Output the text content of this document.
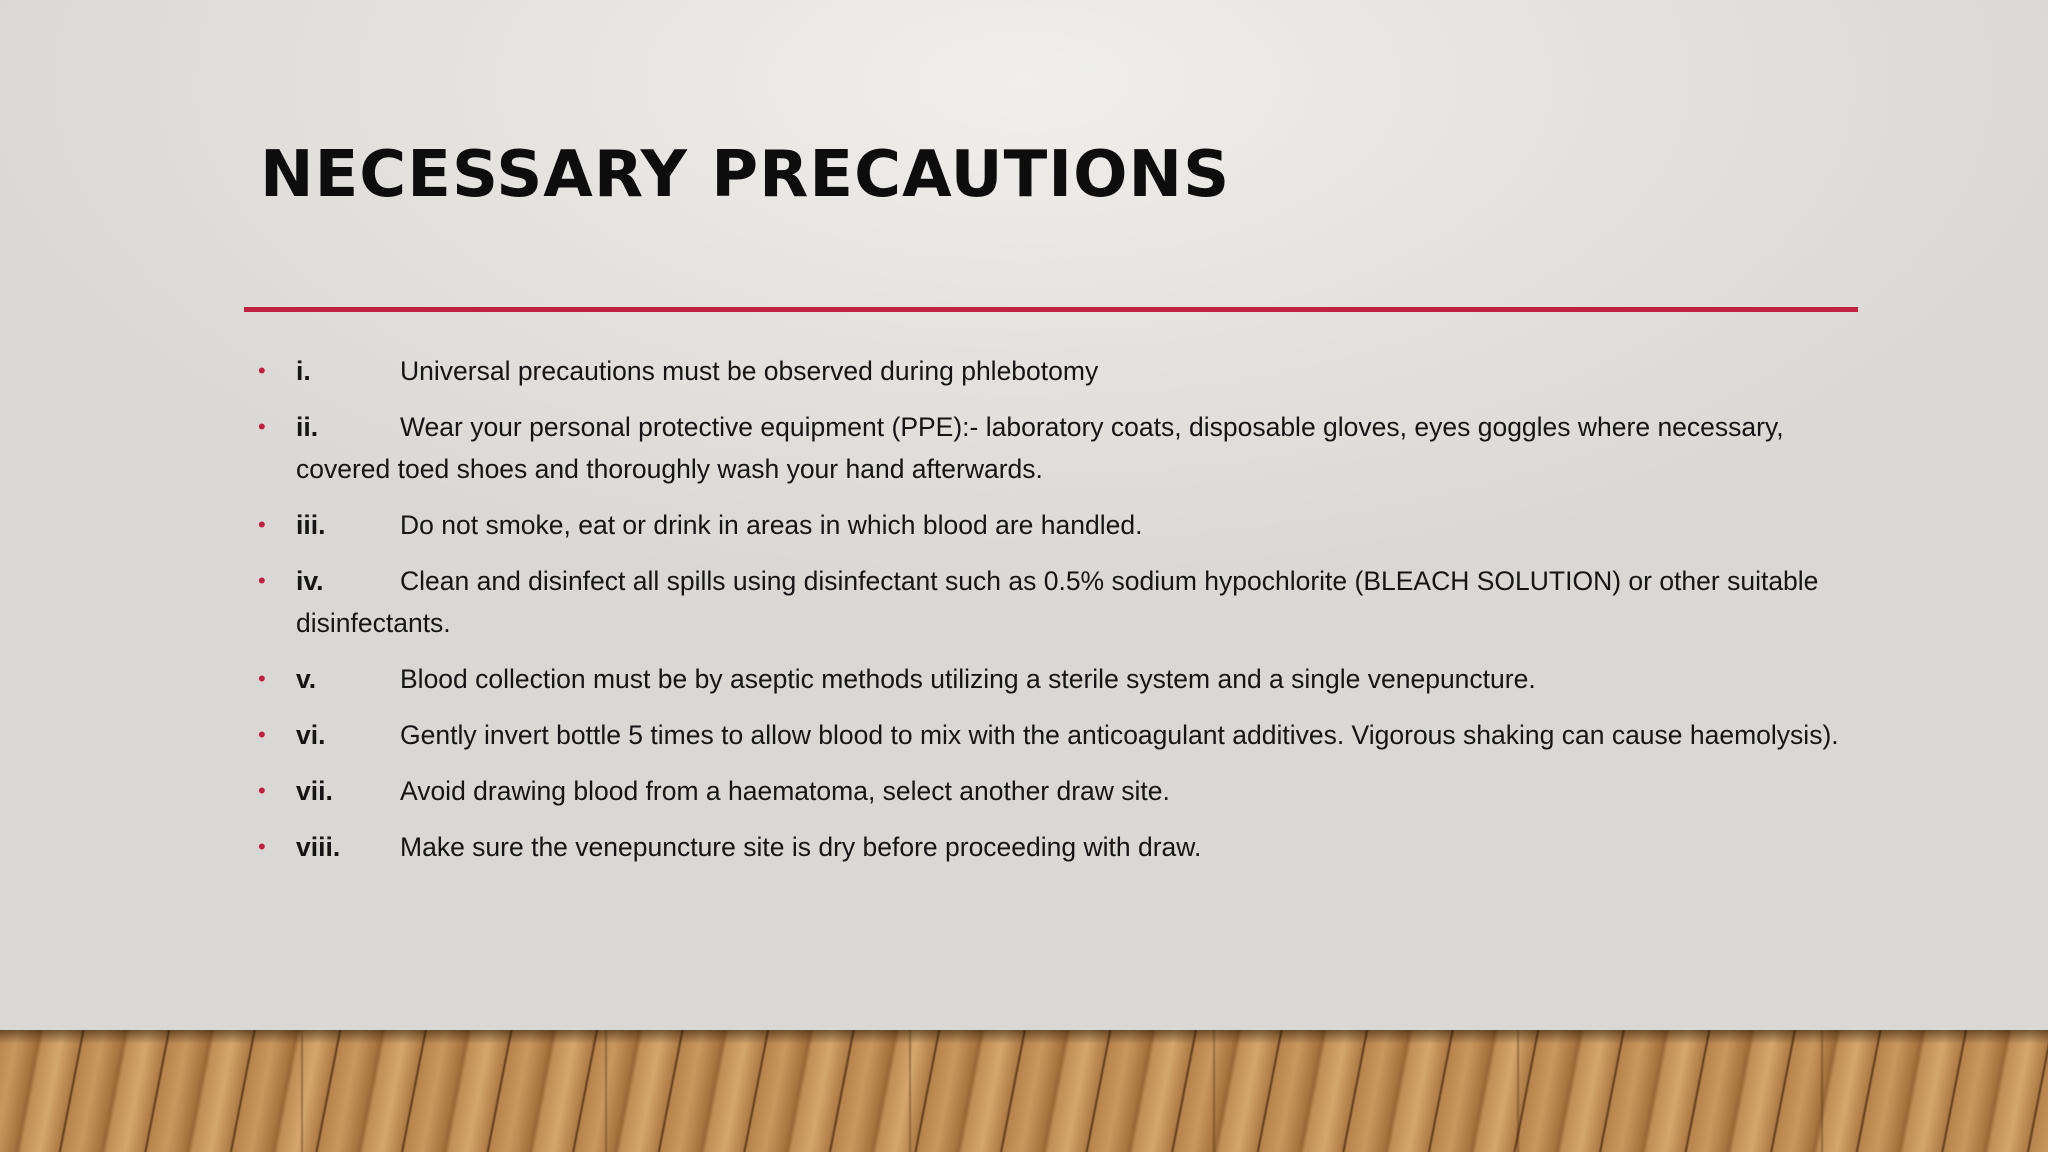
NECESSARY PRECAUTIONS
• i.	Universal precautions must be observed during phlebotomy
• ii.	Wear your personal protective equipment (PPE):- laboratory coats, disposable gloves, eyes goggles where necessary, covered toed shoes and thoroughly wash your hand afterwards.
• iii.	Do not smoke, eat or drink in areas in which blood are handled.
• iv.	Clean and disinfect all spills using disinfectant such as 0.5% sodium hypochlorite (BLEACH SOLUTION) or other suitable disinfectants.
• v.	Blood collection must be by aseptic methods utilizing a sterile system and a single venepuncture.
• vi.	Gently invert bottle 5 times to allow blood to mix with the anticoagulant additives. Vigorous shaking can cause haemolysis).
• vii.	Avoid drawing blood from a haematoma, select another draw site.
• viii. Make sure the venepuncture site is dry before proceeding with draw.
